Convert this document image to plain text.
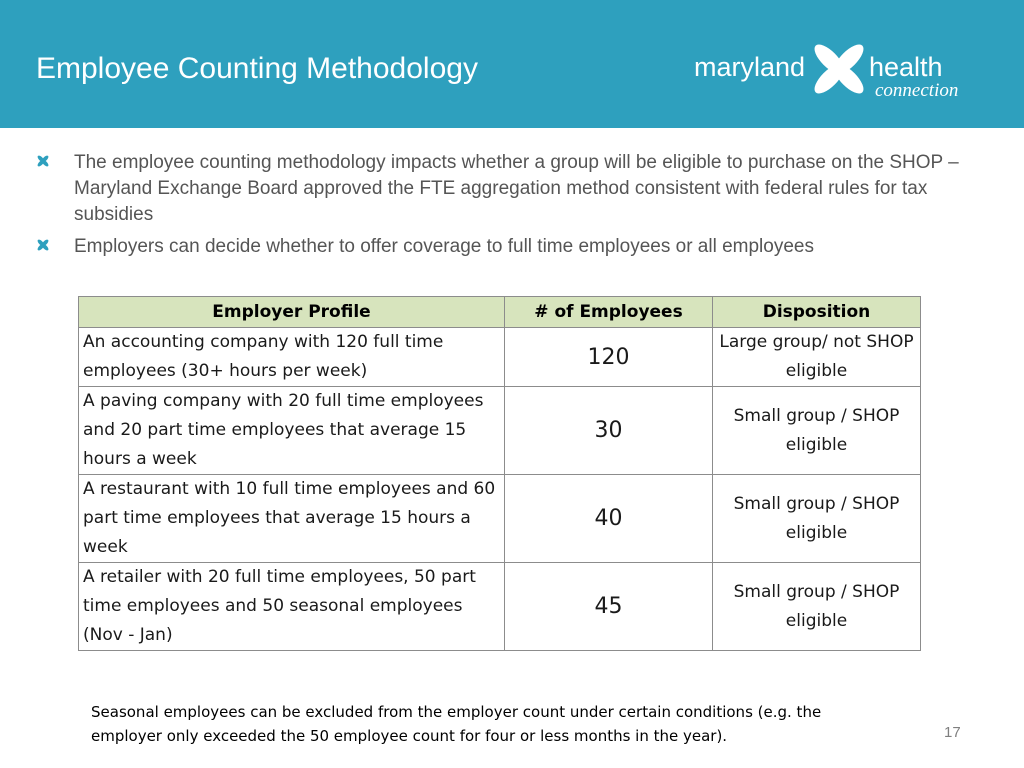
Employee Counting Methodology	maryland health
connection
The employee counting methodology impacts whether a group will be eligible to purchase on the SHOP – Maryland Exchange Board approved the FTE aggregation method consistent with federal rules for tax subsidies
Employers can decide whether to offer coverage to full time employees or all employees
Employer Profile	# of Employees	Disposition
An accounting company with 120 full time employees (30+ hours per week)	120	Large group/ not SHOP eligible
A paving company with 20 full time employees and 20 part time employees that average 15 hours a week	30	Small group / SHOP eligible
A restaurant with 10 full time employees and 60 part time employees that average 15 hours a week	40	Small group / SHOP eligible
A retailer with 20 full time employees, 50 part time employees and 50 seasonal employees (Nov - Jan)	45	Small group / SHOP eligible
Seasonal employees can be excluded from the employer count under certain conditions (e.g. the employer only exceeded the 50 employee count for four or less months in the year).	17
